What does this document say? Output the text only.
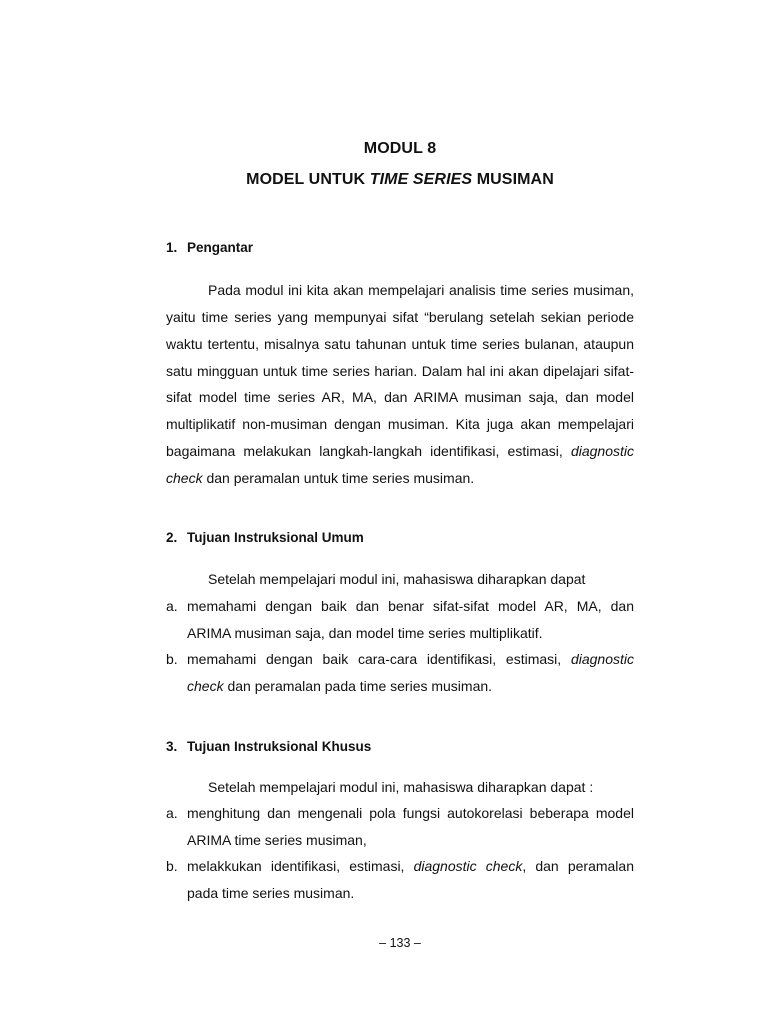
MODUL 8
MODEL UNTUK TIME SERIES MUSIMAN
1. Pengantar
Pada modul ini kita akan mempelajari analisis time series musiman, yaitu time series yang mempunyai sifat “berulang setelah sekian periode waktu tertentu, misalnya satu tahunan untuk time series bulanan, ataupun satu mingguan untuk time series harian. Dalam hal ini akan dipelajari sifat-sifat model time series AR, MA, dan ARIMA musiman saja, dan model multiplikatif non-musiman dengan musiman. Kita juga akan mempelajari bagaimana melakukan langkah-langkah identifikasi, estimasi, diagnostic check dan peramalan untuk time series musiman.
2. Tujuan Instruksional Umum
Setelah mempelajari modul ini, mahasiswa diharapkan dapat
a. memahami dengan baik dan benar sifat-sifat model AR, MA, dan ARIMA musiman saja, dan model time series multiplikatif.
b. memahami dengan baik cara-cara identifikasi, estimasi, diagnostic check dan peramalan pada time series musiman.
3. Tujuan Instruksional Khusus
Setelah mempelajari modul ini, mahasiswa diharapkan dapat :
a. menghitung dan mengenali pola fungsi autokorelasi beberapa model ARIMA time series musiman,
b. melakkukan identifikasi, estimasi, diagnostic check, dan peramalan pada time series musiman.
– 133 –
